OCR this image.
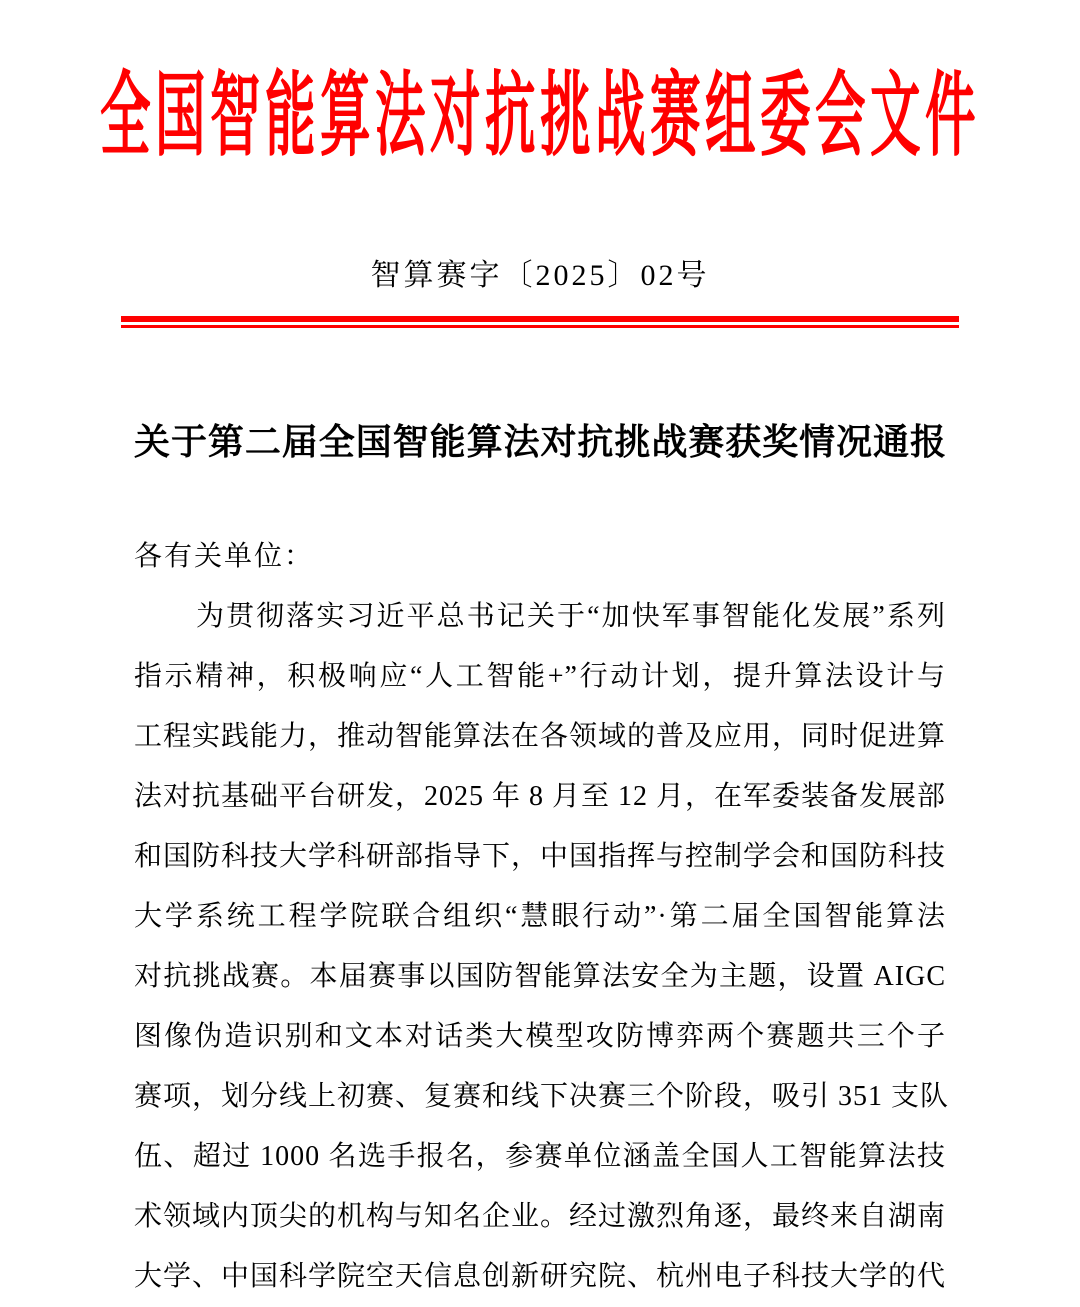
全国智能算法对抗挑战赛组委会文件
智算赛字〔2025〕02号
关于第二届全国智能算法对抗挑战赛获奖情况通报
各有关单位：
为贯彻落实习近平总书记关于“加快军事智能化发展”系列
指示精神，积极响应“人工智能+”行动计划，提升算法设计与
工程实践能力，推动智能算法在各领域的普及应用，同时促进算
法对抗基础平台研发，2025 年 8 月至 12 月，在军委装备发展部
和国防科技大学科研部指导下，中国指挥与控制学会和国防科技
大学系统工程学院联合组织“慧眼行动”·第二届全国智能算法
对抗挑战赛。本届赛事以国防智能算法安全为主题，设置 AIGC
图像伪造识别和文本对话类大模型攻防博弈两个赛题共三个子
赛项，划分线上初赛、复赛和线下决赛三个阶段，吸引 351 支队
伍、超过 1000 名选手报名，参赛单位涵盖全国人工智能算法技
术领域内顶尖的机构与知名企业。经过激烈角逐，最终来自湖南
大学、中国科学院空天信息创新研究院、杭州电子科技大学的代
